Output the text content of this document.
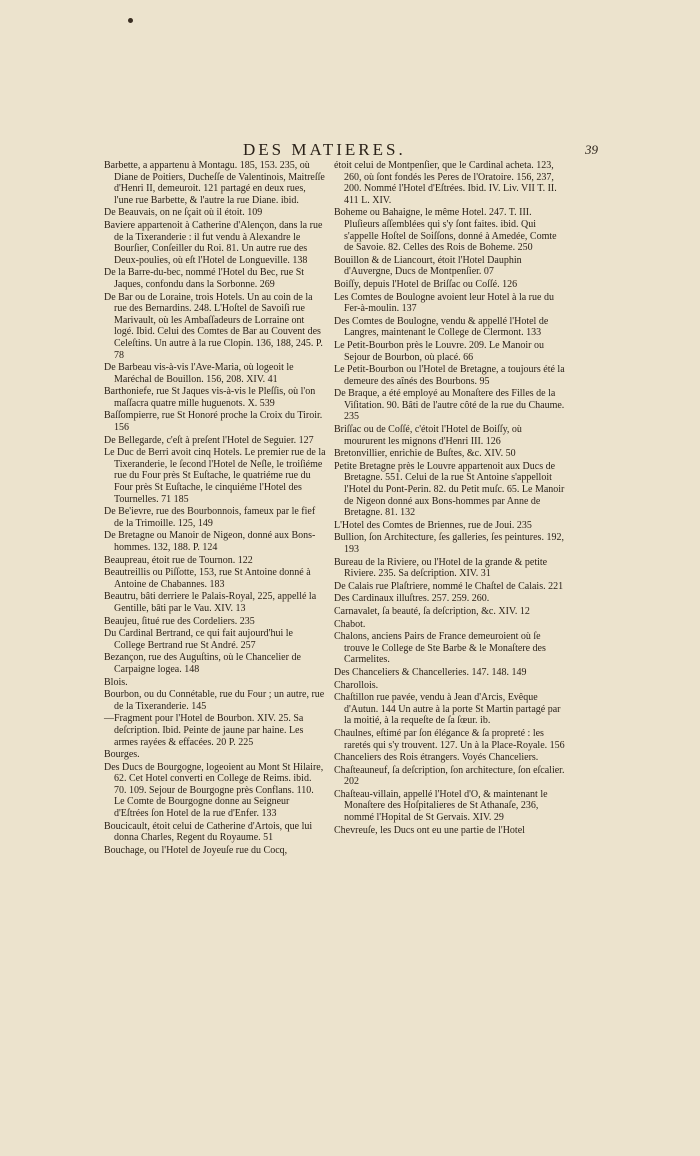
DES MATIERES.	39

Barbette, a appartenu à Montagu. 185, 153. 235, où Diane de Poitiers, Ducheſſe de Valentinois, Maitreſſe d'Henri II, demeuroit. 121 partagé en deux rues, l'une rue Barbette, & l'autre la rue Diane. ibid.

De Beauvais, on ne ſçait où il étoit. 109

Baviere appartenoit à Catherine d'Alençon, dans la rue de la Tixeranderie : il fut vendu à Alexandre le Bourſier, Conſeiller du Roi. 81. Un autre rue des Deux-poulies, où eſt l'Hotel de Longueville. 138

De la Barre-du-bec, nommé l'Hotel du Bec, rue St Jaques, confondu dans la Sorbonne. 269

De Bar ou de Loraine, trois Hotels. Un au coin de la rue des Bernardins. 248. L'Hoſtel de Savoiſi rue Marivault, où les Ambaſſadeurs de Lorraine ont logé. Ibid. Celui des Comtes de Bar au Couvent des Celeſtins. Un autre à la rue Clopin. 136, 188, 245. P. 78

De Barbeau vis-à-vis l'Ave-Maria, où logeoit le Maréchal de Bouillon. 156, 208. XIV. 41

Barthoniefe, rue St Jaques vis-à-vis le Pleſſis, où l'on maſſacra quatre mille huguenots. X. 539

Baſſompierre, rue St Honoré proche la Croix du Tiroir. 156

De Bellegarde, c'eſt à preſent l'Hotel de Seguier. 127

Le Duc de Berri avoit cinq Hotels. Le premier rue de la Tixeranderie, le ſecond l'Hotel de Neſle, le troiſiéme rue du Four près St Euſtache, le quatriéme rue du Four près St Euſtache, le cinquiéme l'Hotel des Tournelles. 71 185

De Be'ievre, rue des Bourbonnois, fameux par le fief de la Trimoille. 125, 149

De Bretagne ou Manoir de Nigeon, donné aux Bons-hommes. 132, 188. P. 124

Beaupreau, étoit rue de Tournon. 122

Beautreillis ou Piſſotte, 153, rue St Antoine donné à Antoine de Chabannes. 183

Beautru, bâti derriere le Palais-Royal, 225, appellé la Gentille, bâti par le Vau. XIV. 13

Beaujeu, ſitué rue des Cordeliers. 235

Du Cardinal Bertrand, ce qui fait aujourd'hui le College Bertrand rue St André. 257

Bezançon, rue des Auguſtins, où le Chancelier de Carpaigne logea. 148

Blois.

Bourbon, ou du Connétable, rue du Four ; un autre, rue de la Tixeranderie. 145

—Fragment pour l'Hotel de Bourbon. XIV. 25. Sa deſcription. Ibid. Peinte de jaune par haine. Les armes rayées & effacées. 20 P. 225

Bourges.

Des Ducs de Bourgogne, logeoient au Mont St Hilaire, 62. Cet Hotel converti en College de Reims. ibid. 70. 109. Sejour de Bourgogne près Conflans. 110. Le Comte de Bourgogne donne au Seigneur d'Eſtrées ſon Hotel de la rue d'Enfer. 133

Boucicault, étoit celui de Catherine d'Artois, que lui donna Charles, Regent du Royaume. 51

Bouchage, ou l'Hotel de Joyeuſe rue du Cocq,

étoit celui de Montpenſier, que le Cardinal acheta. 123, 260, où ſont fondés les Peres de l'Oratoire. 156, 237, 200. Nommé l'Hotel d'Eſtrées. Ibid. IV. Liv. VII T. II. 411 L. XIV.

Boheme ou Bahaigne, le même Hotel. 247. T. III. Pluſieurs aſſemblées qui s'y ſont faites. ibid. Qui s'appelle Hoſtel de Soiſſons, donné à Amedée, Comte de Savoie. 82. Celles des Rois de Boheme. 250

Bouillon & de Liancourt, étoit l'Hotel Dauphin d'Auvergne, Ducs de Montpenſier. 07

Boiſſy, depuis l'Hotel de Briſſac ou Coſſé. 126

Les Comtes de Boulogne avoient leur Hotel à la rue du Fer-à-moulin. 137

Des Comtes de Boulogne, vendu & appellé l'Hotel de Langres, maintenant le College de Clermont. 133

Le Petit-Bourbon près le Louvre. 209. Le Manoir ou Sejour de Bourbon, où placé. 66

Le Petit-Bourbon ou l'Hotel de Bretagne, a toujours été la demeure des aînés des Bourbons. 95

De Braque, a été employé au Monaſtere des Filles de la Viſitation. 90. Bâti de l'autre côté de la rue du Chaume. 235

Briſſac ou de Coſſé, c'étoit l'Hotel de Boiſſy, où moururent les mignons d'Henri III. 126

Bretonvillier, enrichie de Buſtes, &c. XIV. 50

Petite Bretagne près le Louvre appartenoit aux Ducs de Bretagne. 551. Celui de la rue St Antoine s'appelloit l'Hotel du Pont-Perin. 82. du Petit muſc. 65. Le Manoir de Nigeon donné aux Bons-hommes par Anne de Bretagne. 81. 132

L'Hotel des Comtes de Briennes, rue de Joui. 235

Bullion, ſon Architecture, ſes galleries, ſes peintures. 192, 193

Bureau de la Riviere, ou l'Hotel de la grande & petite Riviere. 235. Sa deſcription. XIV. 31

De Calais rue Plaſtriere, nommé le Chaſtel de Calais. 221

Des Cardinaux illuſtres. 257. 259. 260.

Carnavalet, ſa beauté, ſa deſcription, &c. XIV. 12

Chabot.

Chalons, anciens Pairs de France demeuroient où ſe trouve le College de Ste Barbe & le Monaſtere des Carmelites.

Des Chanceliers & Chancelleries. 147. 148. 149

Charollois.

Chaſtillon rue pavée, vendu à Jean d'Arcis, Evêque d'Autun. 144 Un autre à la porte St Martin partagé par la moitié, à la requeſte de ſa ſœur. ib.

Chaulnes, eſtimé par ſon élégance & ſa propreté : les raretés qui s'y trouvent. 127. Un à la Place-Royale. 156

Chanceliers des Rois étrangers. Voyés Chanceliers.

Chaſteauneuf, ſa deſcription, ſon architecture, ſon eſcalier. 202

Chaſteau-villain, appellé l'Hotel d'O, & maintenant le Monaſtere des Hoſpitalieres de St Athanaſe, 236, nommé l'Hopital de St Gervais. XIV. 29

Chevreuſe, les Ducs ont eu une partie de l'Hotel
